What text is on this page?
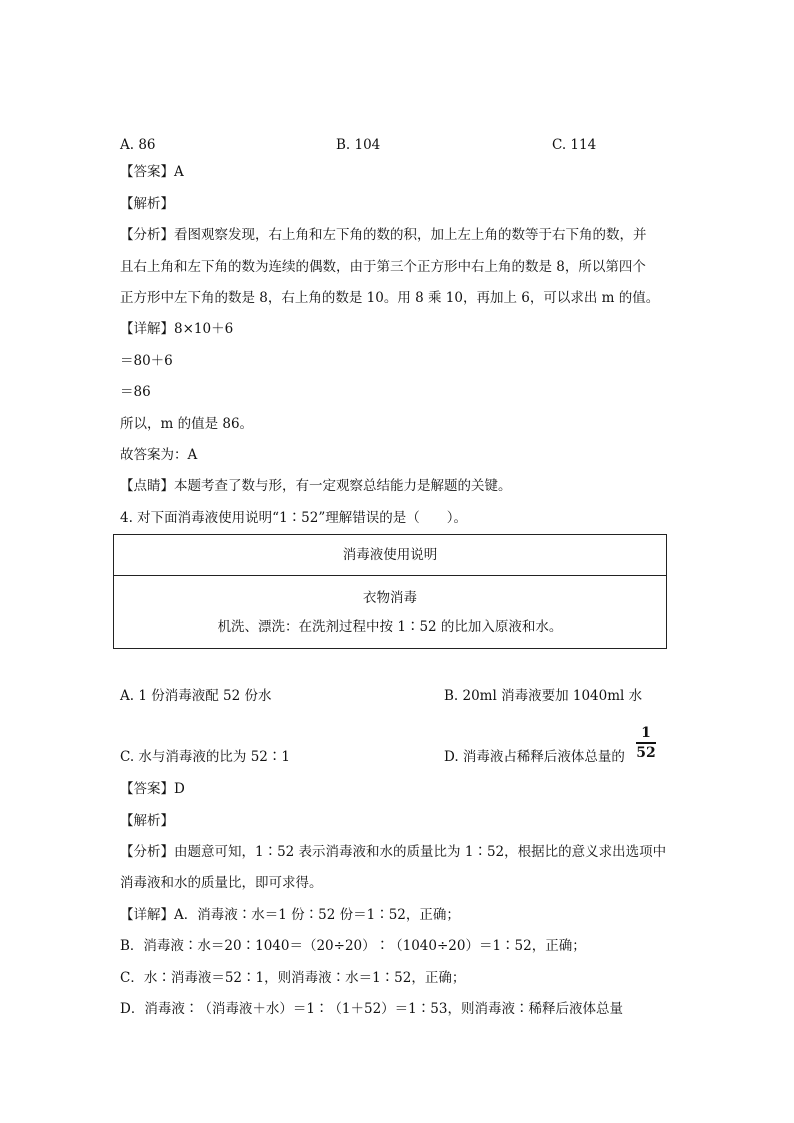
A. 86	B. 104	C. 114
【答案】A
【解析】
【分析】看图观察发现，右上角和左下角的数的积，加上左上角的数等于右下角的数，并
且右上角和左下角的数为连续的偶数，由于第三个正方形中右上角的数是 8，所以第四个
正方形中左下角的数是 8，右上角的数是 10。用 8 乘 10，再加上 6，可以求出 m 的值。
【详解】8×10＋6
＝80＋6
＝86
所以，m 的值是 86。
故答案为：A
【点睛】本题考查了数与形，有一定观察总结能力是解题的关键。
4. 对下面消毒液使用说明“1∶52”理解错误的是（　　）。
消毒液使用说明
衣物消毒
机洗、漂洗：在洗剂过程中按 1∶52 的比加入原液和水。
A. 1 份消毒液配 52 份水	B. 20ml 消毒液要加 1040ml 水
C. 水与消毒液的比为 52∶1	D. 消毒液占稀释后液体总量的
1
52
【答案】D
【解析】
【分析】由题意可知，1∶52 表示消毒液和水的质量比为 1∶52，根据比的意义求出选项中
消毒液和水的质量比，即可求得。
【详解】A．消毒液∶水＝1 份∶52 份＝1∶52，正确；
B．消毒液∶水＝20∶1040＝（20÷20）∶（1040÷20）＝1∶52，正确；
C．水∶消毒液＝52∶1，则消毒液∶水＝1∶52，正确；
D．消毒液∶（消毒液＋水）＝1∶（1＋52）＝1∶53，则消毒液∶稀释后液体总量
